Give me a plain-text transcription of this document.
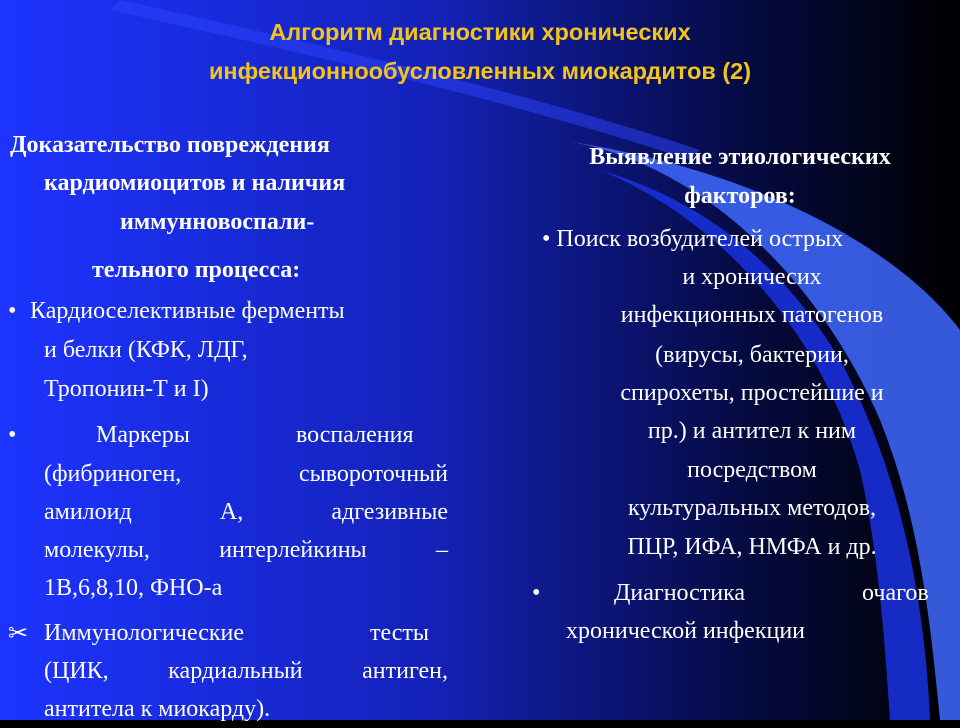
Алгоритм диагностики хронических
инфекционнообусловленных миокардитов (2)
Доказательство повреждения
кардиомиоцитов и наличия
иммунновоспали-
тельного процесса:
• Кардиоселективные ферменты
и белки (КФК, ЛДГ,
Тропонин-Т и I)
•	Маркеры	воспаления
(фибриноген,	сывороточный
амилоид	А,	адгезивные
молекулы,	интерлейкины	–
1В,6,8,10, ФНО-а
✂ Иммунологические	тесты
(ЦИК, кардиальный антиген,
антитела к миокарду).
Выявление этиологических
факторов:
• Поиск возбудителей острых
и хроничесих
инфекционных патогенов
(вирусы, бактерии,
спирохеты, простейшие и
пр.) и антител к ним
посредством
культуральных методов,
ПЦР, ИФА, НМФА и др.
•	Диагностика	очагов
хронической инфекции
